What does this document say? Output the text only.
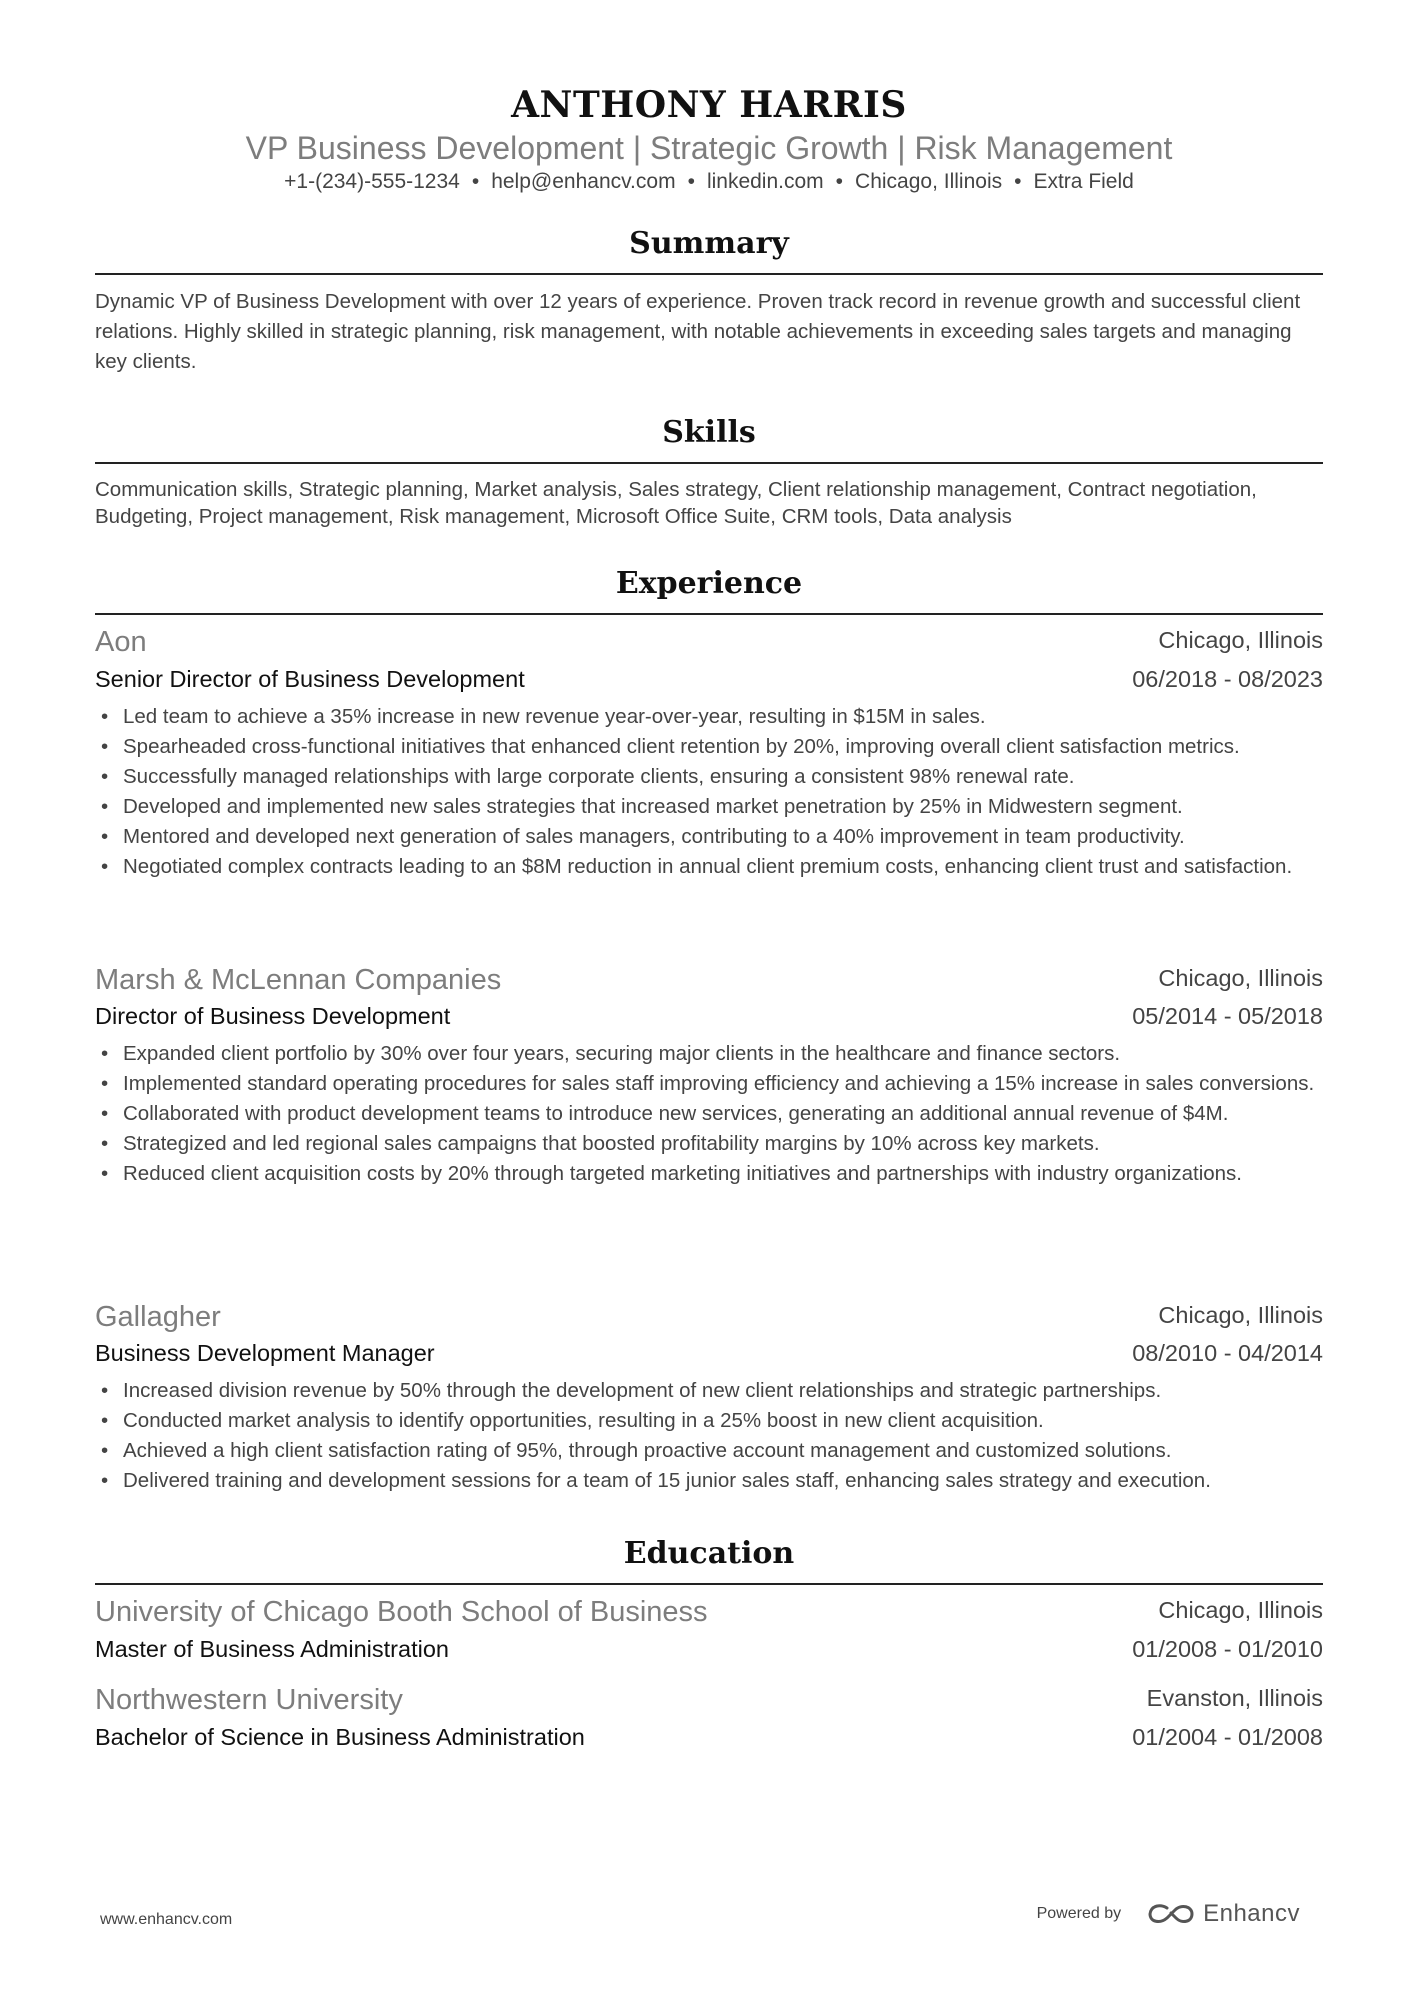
ANTHONY HARRIS
VP Business Development | Strategic Growth | Risk Management
+1-(234)-555-1234 • help@enhancv.com • linkedin.com • Chicago, Illinois • Extra Field
Summary
Dynamic VP of Business Development with over 12 years of experience. Proven track record in revenue growth and successful client relations. Highly skilled in strategic planning, risk management, with notable achievements in exceeding sales targets and managing key clients.
Skills
Communication skills, Strategic planning, Market analysis, Sales strategy, Client relationship management, Contract negotiation, Budgeting, Project management, Risk management, Microsoft Office Suite, CRM tools, Data analysis
Experience
Aon	Chicago, Illinois
Senior Director of Business Development	06/2018 - 08/2023
• Led team to achieve a 35% increase in new revenue year-over-year, resulting in $15M in sales.
• Spearheaded cross-functional initiatives that enhanced client retention by 20%, improving overall client satisfaction metrics.
• Successfully managed relationships with large corporate clients, ensuring a consistent 98% renewal rate.
• Developed and implemented new sales strategies that increased market penetration by 25% in Midwestern segment.
• Mentored and developed next generation of sales managers, contributing to a 40% improvement in team productivity.
• Negotiated complex contracts leading to an $8M reduction in annual client premium costs, enhancing client trust and satisfaction.
Marsh & McLennan Companies	Chicago, Illinois
Director of Business Development	05/2014 - 05/2018
• Expanded client portfolio by 30% over four years, securing major clients in the healthcare and finance sectors.
• Implemented standard operating procedures for sales staff improving efficiency and achieving a 15% increase in sales conversions.
• Collaborated with product development teams to introduce new services, generating an additional annual revenue of $4M.
• Strategized and led regional sales campaigns that boosted profitability margins by 10% across key markets.
• Reduced client acquisition costs by 20% through targeted marketing initiatives and partnerships with industry organizations.
Gallagher	Chicago, Illinois
Business Development Manager	08/2010 - 04/2014
• Increased division revenue by 50% through the development of new client relationships and strategic partnerships.
• Conducted market analysis to identify opportunities, resulting in a 25% boost in new client acquisition.
• Achieved a high client satisfaction rating of 95%, through proactive account management and customized solutions.
• Delivered training and development sessions for a team of 15 junior sales staff, enhancing sales strategy and execution.
Education
University of Chicago Booth School of Business	Chicago, Illinois
Master of Business Administration	01/2008 - 01/2010
Northwestern University	Evanston, Illinois
Bachelor of Science in Business Administration	01/2004 - 01/2008
www.enhancv.com	Powered by	Enhancv
